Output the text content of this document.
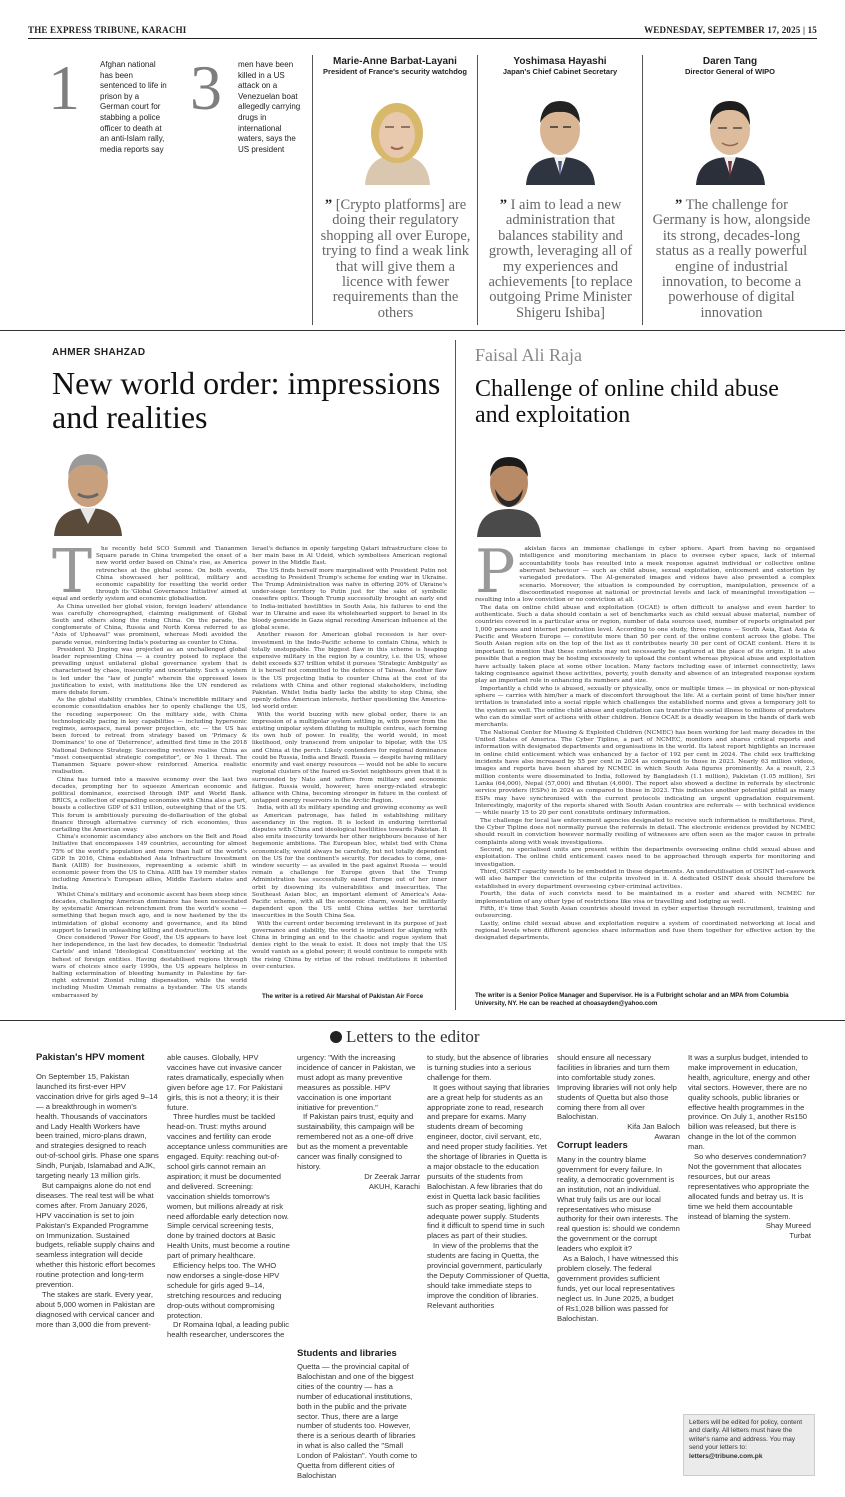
THE EXPRESS TRIBUNE, KARACHI	WEDNESDAY, SEPTEMBER 17, 2025 | 15
1	Afghan national has been sentenced to life in prison by a German court for stabbing a police officer to death at an anti-Islam rally, media reports say
3 men have been killed in a US attack on a Venezuelan boat allegedly carrying drugs in international waters, says the US president
Marie-Anne Barbat-Layani
President of France's security watchdog
” [Crypto platforms] are doing their regulatory shopping all over Europe, trying to find a weak link that will give them a licence with fewer requirements than the others
Yoshimasa Hayashi
Japan's Chief Cabinet Secretary
” I aim to lead a new administration that balances stability and growth, leveraging all of my experiences and achievements [to replace outgoing Prime Minister Shigeru Ishiba]
Daren Tang
Director General of WIPO
” The challenge for Germany is how, alongside its strong, decades-long status as a really powerful engine of industrial innovation, to become a powerhouse of digital innovation
AHMER SHAHZAD
New world order: impressions and realities
T	he recently held SCO Summit and Tiananmen Square parade in China trumpeted the onset of a new world order based on China's rise, as America retrenches at the global scene. On both events, China showcased her political, military and economic capability for resetting the world order through its 'Global Governance Initiative' aimed at equal and orderly system and economic globalisation.

As China unveiled her global vision, foreign leaders' attendance was carefully choreographed, claiming realignment of Global South and others along the rising China. On the parade, the conglomerate of China, Russia and North Korea referred to as "Axis of Upheaval" was prominent, whereas Modi avoided the parade venue, reinforcing India's posturing as counter to China.

President Xi Jinping was projected as an unchallenged global leader representing China — a country poised to replace the prevailing unjust unilateral global governance system that is characterised by chaos, insecurity and uncertainty. Such a system is led under the "law of jungle" wherein the oppressed loses justification to exist, with institutions like the UN rendered as mere debate forum.

As the global stability crumbles, China's incredible military and economic consolidation enables her to openly challenge the US, the receding superpower. On the military side, with China technologically pacing in key capabilities — including hypersonic regimes, aerospace, naval power projection, etc — the US has been forced to retreat from strategy based on 'Primacy & Dominance' to one of 'Deterrence', admitted first time in the 2018 National Defence Strategy. Succeeding reviews realise China as "most consequential strategic competitor", or No 1 threat. The Tiananmen Square power-show reinforced America realistic realisation.

China has turned into a massive economy over the last two decades, prompting her to squeeze American economic and political dominance, exercised through IMF and World Bank. BRICS, a collection of expanding economies with China also a part, boasts a collective GDP of $31 trillion, outweighing that of the US. This forum is ambitiously pursuing de-dollarisation of the global finance through alternative currency of rich economies, thus curtailing the American sway.

China's economic ascendancy also anchors on the Belt and Road Initiative that encompasses 149 countries, accounting for almost 75% of the world's population and more than half of the world's GDP. In 2016, China established Asia Infrastructure Investment Bank (AIIB) for businesses, representing a seismic shift in economic power from the US to China. AIIB has 19 member states including America's European allies, Middle Eastern states and India.

Whilst China's military and economic ascent has been steep since decades, challenging American dominance has been necessitated by systematic American retrenchment from the world's scene — something that began much ago, and is now hastened by the its intimidation of global economy and governance, and its blind support to Israel in unleashing killing and destruction.

Once considered 'Power For Good', the US appears to have lost her independence, in the last few decades, to domestic 'Industrial Cartels' and inland 'Ideological Constituencies' working at the behest of foreign entities. Having destabilised regions through wars of choices since early 1990s, the US appears helpless in halting extermination of bleeding humanity in Palestine by far-right extremist Zionist ruling dispensation, while the world including Muslim Ummah remains a bystander. The US stands embarrassed by

Israel's defiance in openly targeting Qatari infrastructure close to her main base in Al Udeid, which symbolises American regional power in the Middle East.

The US finds herself more marginalised with President Putin not acceding to President Trump's scheme for ending war in Ukraine. The Trump Administration was naïve in offering 20% of Ukraine's under-siege territory to Putin just for the sake of symbolic ceasefire optics. Though Trump successfully brought an early end to India-initiated hostilities in South Asia, his failures to end the war in Ukraine and ease its wholehearted support to Israel in its bloody genocide in Gaza signal receding American influence at the global scene.

Another reason for American global recession is her over-investment in the Indo-Pacific scheme to contain China, which is totally unstoppable. The biggest flaw in this scheme is heaping expensive military in the region by a country, i.e. the US, whose debit exceeds $37 trillion whilst it pursues 'Strategic Ambiguity' as it is herself not committed to the defence of Taiwan. Another flaw is the US projecting India to counter China at the cost of its relations with China and other regional stakeholders, including Pakistan. Whilst India badly lacks the ability to stop China, she openly defies American interests, further questioning the America-led world order.

With the world buzzing with new global order, there is an impression of a multipolar system settling in, with power from the existing unipolar system diluting to multiple centres, each forming its own hub of power. In reality, the world would, in most likelihood, only transcend from unipolar to bipolar, with the US and China at the perch. Likely contenders for regional dominance could be Russia, India and Brazil. Russia — despite having military enormity and vast energy resources — would not be able to secure regional clusters of the feared ex-Soviet neighbours given that it is surrounded by Nato and suffers from military and economic fatigue. Russia would, however, have energy-related strategic alliance with China, becoming stronger in future in the context of untapped energy reservoirs in the Arctic Region.

India, with all its military spending and growing economy as well as American patronage, has failed in establishing military ascendancy in the region. It is locked in enduring territorial disputes with China and ideological hostilities towards Pakistan. It also emits insecurity towards her other neighbours because of her hegemonic ambitions. The European bloc, whilst tied with China economically, would always be carefully, but not totally dependent on the US for the continent's security. For decades to come, one-window security — as availed in the past against Russia — would remain a challenge for Europe given that the Trump Administration has successfully eased Europe out of her inner orbit by disowning its vulnerabilities and insecurities. The Southeast Asian bloc, an important element of America's Asia-Pacific scheme, with all the economic charm, would be militarily dependent upon the US until China settles her territorial insecurities in the South China Sea.

With the current order becoming irrelevant in its purpose of just governance and stability, the world is impatient for aligning with China in bringing an end to the chaotic and rogue system that denies right to the weak to exist. It does not imply that the US would vanish as a global power; it would continue to compete with the rising China by virtue of the robust institutions it inherited over centuries.

The writer is a retired Air Marshal of Pakistan Air Force
Faisal Ali Raja
Challenge of online child abuse and exploitation
P	akistan faces an immense challenge in cyber sphere. Apart from having no organised intelligence and monitoring mechanism in place to oversee cyber space, lack of internal accountability tools has resulted into a meek response against individual or collective online aberrant behaviour — such as child abuse, sexual exploitation, enticement and extortion by variegated predators. The AI-generated images and videos have also presented a complex scenario. Moreover, the situation is compounded by corruption, manipulation, presence of a discoordinated response at national or provincial levels and lack of meaningful investigation — resulting into a low conviction or no conviction at all.

The data on online child abuse and exploitation (OCAE) is often difficult to analyse and even harder to authenticate. Such a data should contain a set of benchmarks such as child sexual abuse material, number of countries covered in a particular area or region, number of data sources used, number of reports originated per 1,000 persons and internet penetration level. According to one study, three regions — South Asia, East Asia & Pacific and Western Europe — constitute more than 50 per cent of the online content across the globe. The South Asian region sits on the top of the list as it contributes nearly 30 per cent of OCAE content. Here it is important to mention that these contents may not necessarily be captured at the place of its origin. It is also possible that a region may be hosting excessively to upload the content whereas physical abuse and exploitation have actually taken place at some other location. Many factors including ease of internet connectivity, laws taking cognisance against these activities, poverty, youth density and absence of an integrated response system play an important role in enhancing its numbers and size.

Importantly a child who is abused, sexually or physically, once or multiple times — in physical or non-physical sphere — carries with him/her a mark of discomfort throughout the life. At a certain point of time his/her inner irritation is translated into a social ripple which challenges the established norms and gives a temporary jolt to the system as well. The online child abuse and exploitation can transfer this social illness to millions of predators who can do similar sort of actions with other children. Hence OCAE is a deadly weapon in the hands of dark web merchants.

The National Center for Missing & Exploited Children (NCMEC) has been working for last many decades in the United States of America. The Cyber Tipline, a part of NCMEC, monitors and shares critical reports and information with designated departments and organisations in the world. Its latest report highlights an increase in online child enticement which was enhanced by a factor of 192 per cent in 2024. The child sex trafficking incidents have also increased by 55 per cent in 2024 as compared to those in 2023. Nearly 63 million videos, images and reports have been shared by NCMEC in which South Asia figures prominently. As a result, 2.3 million contents were disseminated to India, followed by Bangladesh (1.1 million), Pakistan (1.05 million), Sri Lanka (64,000), Nepal (57,000) and Bhutan (4,600). The report also showed a decline in referrals by electronic service providers (ESPs) in 2024 as compared to those in 2023. This indicates another potential pitfall as many ESPs may have synchronised with the current protocols indicating an urgent upgradation requirement. Interestingly, majority of the reports shared with South Asian countries are referrals — with technical evidence — while nearly 15 to 20 per cent constitute ordinary information.

The challenge for local law enforcement agencies designated to receive such information is multifarious. First, the Cyber Tipline does not normally pursue the referrals in detail. The electronic evidence provided by NCMEC should result in conviction however normally resiling of witnesses are often seen as the major cause in private complaints along with weak investigations.

Second, no specialised units are present within the departments overseeing online child sexual abuse and exploitation. The online child enticement cases need to be approached through experts for monitoring and investigation.

Third, OSINT capacity needs to be embedded in these departments. An underutilisation of OSINT led-casework will also hamper the conviction of the culprits involved in it. A dedicated OSINT desk should therefore be established in every department overseeing cyber-criminal activities.

Fourth, the data of such convicts need to be maintained in a roster and shared with NCMEC for implementation of any other type of restrictions like visa or travelling and lodging as well.

Fifth, it's time that South Asian countries should invest in cyber expertise through recruitment, training and outsourcing.

Lastly, online child sexual abuse and exploitation require a system of coordinated networking at local and regional levels where different agencies share information and fuse them together for effective action by the designated departments.

The writer is a Senior Police Manager and Supervisor. He is a Fulbright scholar and an MPA from Columbia University, NY. He can be reached at choasayden@yahoo.com
Letters to the editor
Pakistan's HPV moment

On September 15, Pakistan launched its first-ever HPV vaccination drive for girls aged 9–14 — a breakthrough in women's health. Thousands of vaccinators and Lady Health Workers have been trained, micro-plans drawn, and strategies designed to reach out-of-school girls. Phase one spans Sindh, Punjab, Islamabad and AJK, targeting nearly 13 million girls.

But campaigns alone do not end diseases. The real test will be what comes after. From January 2026, HPV vaccination is set to join Pakistan's Expanded Programme on Immunization. Sustained budgets, reliable supply chains and seamless integration will decide whether this historic effort becomes routine protection and long-term prevention.

The stakes are stark. Every year, about 5,000 women in Pakistan are diagnosed with cervical cancer and more than 3,000 die from prevent-

able causes. Globally, HPV vaccines have cut invasive cancer rates dramatically, especially when given before age 17. For Pakistani girls, this is not a theory; it is their future.

Three hurdles must be tackled head-on. Trust: myths around vaccines and fertility can erode acceptance unless communities are engaged. Equity: reaching out-of-school girls cannot remain an aspiration; it must be documented and delivered. Screening: vaccination shields tomorrow's women, but millions already at risk need affordable early detection now. Simple cervical screening tests, done by trained doctors at Basic Health Units, must become a routine part of primary healthcare.

Efficiency helps too. The WHO now endorses a single-dose HPV schedule for girls aged 9–14, stretching resources and reducing drop-outs without compromising protection.

Dr Romaina Iqbal, a leading public health researcher, underscores the

urgency: "With the increasing incidence of cancer in Pakistan, we must adopt as many preventive measures as possible. HPV vaccination is one important initiative for prevention."

If Pakistan pairs trust, equity and sustainability, this campaign will be remembered not as a one-off drive but as the moment a preventable cancer was finally consigned to history.

Dr Zeerak Jarrar
AKUH, Karachi
Students and libraries

Quetta — the provincial capital of Balochistan and one of the biggest cities of the country — has a number of educational institutions, both in the public and the private sector. Thus, there are a large number of students too. However, there is a serious dearth of libraries in what is also called the "Small London of Pakistan". Youth come to Quetta from different cities of Balochistan

to study, but the absence of libraries is turning studies into a serious challenge for them.

It goes without saying that libraries are a great help for students as an appropriate zone to read, research and prepare for exams. Many students dream of becoming engineer, doctor, civil servant, etc, and need proper study facilities. Yet the shortage of libraries in Quetta is a major obstacle to the education pursuits of the students from Balochistan. A few libraries that do exist in Quetta lack basic facilities such as proper seating, lighting and adequate power supply. Students find it difficult to spend time in such places as part of their studies.

In view of the problems that the students are facing in Quetta, the provincial government, particularly the Deputy Commissioner of Quetta, should take immediate steps to improve the condition of libraries. Relevant authorities

should ensure all necessary facilities in libraries and turn them into comfortable study zones. Improving libraries will not only help students of Quetta but also those coming there from all over Balochistan.

Kifa Jan Baloch
Awaran
Corrupt leaders

Many in the country blame government for every failure. In reality, a democratic government is an institution, not an individual. What truly fails us are our local representatives who misuse authority for their own interests. The real question is: should we condemn the government or the corrupt leaders who exploit it?

As a Baloch, I have witnessed this problem closely. The federal government provides sufficient funds, yet our local representatives neglect us. In June 2025, a budget of Rs1,028 billion was passed for Balochistan.

It was a surplus budget, intended to make improvement in education, health, agriculture, energy and other vital sectors. However, there are no quality schools, public libraries or effective health programmes in the province. On July 1, another Rs150 billion was released, but there is change in the lot of the common man.

So who deserves condemnation? Not the government that allocates resources, but our areas representatives who appropriate the allocated funds and betray us. It is time we held them accountable instead of blaming the system.

Shay Mureed
Turbat
Letters will be edited for policy, content and clarity. All letters must have the writer's name and address. You may send your letters to:
letters@tribune.com.pk
